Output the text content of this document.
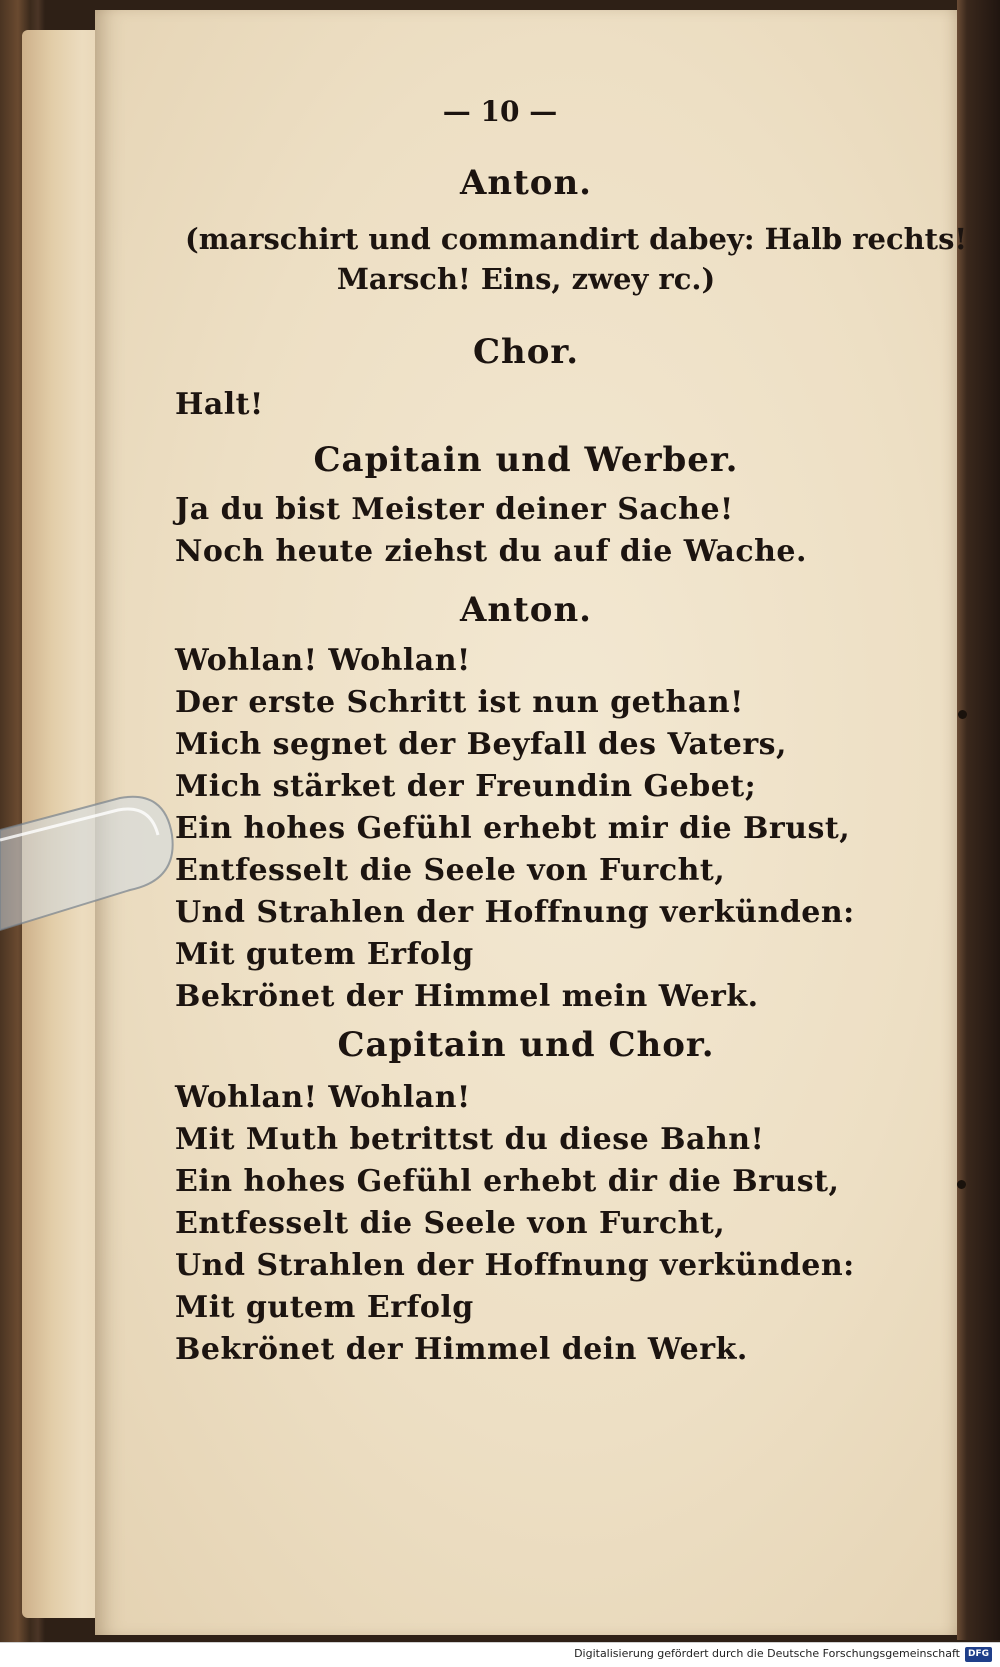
— 10 —
Anton.
(marschirt und commandirt dabey: Halb rechts!
Marsch! Eins, zwey rc.)
Chor.
Halt!
Capitain und Werber.
Ja du bist Meister deiner Sache!
Noch heute ziehst du auf die Wache.
Anton.
Wohlan! Wohlan!
Der erste Schritt ist nun gethan!
Mich segnet der Beyfall des Vaters,
Mich stärket der Freundin Gebet;
Ein hohes Gefühl erhebt mir die Brust,
Entfesselt die Seele von Furcht,
Und Strahlen der Hoffnung verkünden:
Mit gutem Erfolg
Bekrönet der Himmel mein Werk.
Capitain und Chor.
Wohlan! Wohlan!
Mit Muth betrittst du diese Bahn!
Ein hohes Gefühl erhebt dir die Brust,
Entfesselt die Seele von Furcht,
Und Strahlen der Hoffnung verkünden:
Mit gutem Erfolg
Bekrönet der Himmel dein Werk.
Digitalisierung gefördert durch die Deutsche Forschungsgemeinschaft DFG
